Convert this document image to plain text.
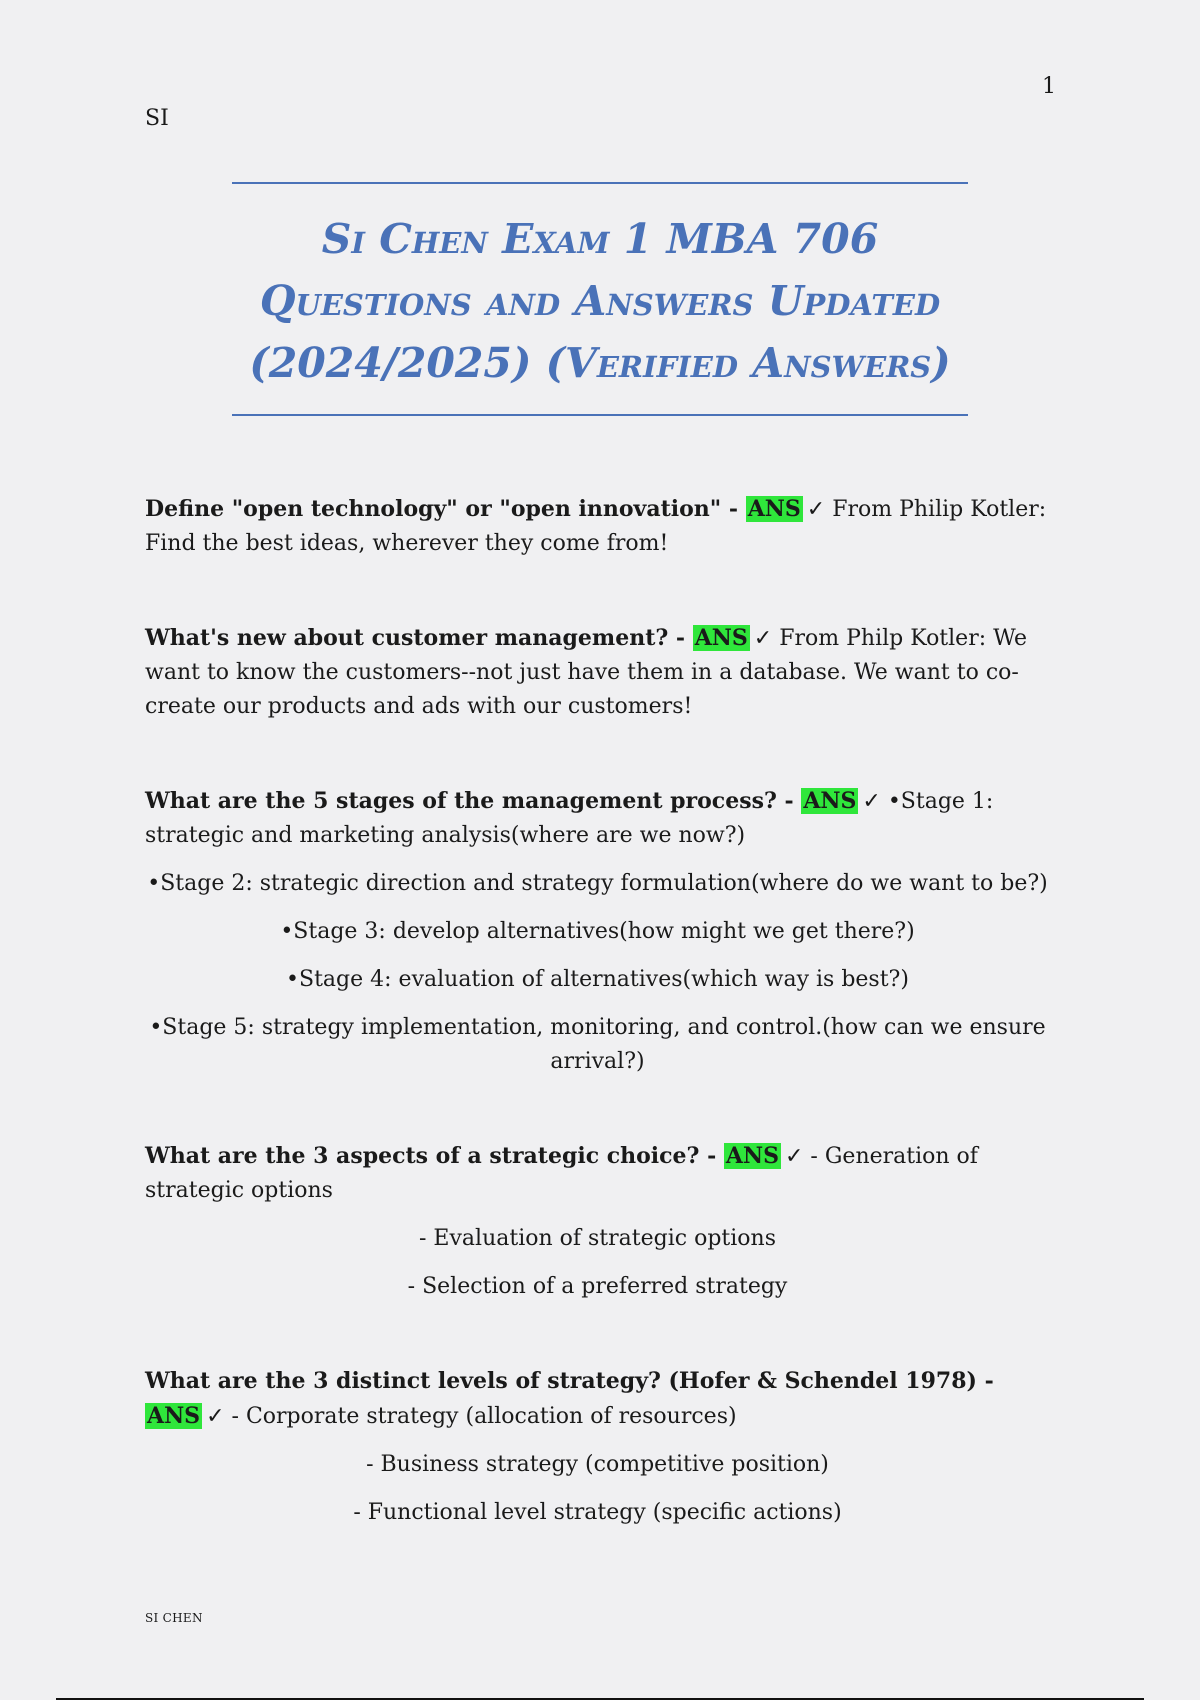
1
SI
Si Chen Exam 1 MBA 706
Questions and Answers Updated
(2024/2025) (Verified Answers)

Define "open technology" or "open innovation" - ANS ✓ From Philip Kotler: Find the best ideas, wherever they come from!

What's new about customer management? - ANS ✓ From Philp Kotler: We want to know the customers--not just have them in a database. We want to co-create our products and ads with our customers!

What are the 5 stages of the management process? - ANS ✓ •Stage 1: strategic and marketing analysis(where are we now?)

•Stage 2: strategic direction and strategy formulation(where do we want to be?)

•Stage 3: develop alternatives(how might we get there?)

•Stage 4: evaluation of alternatives(which way is best?)

•Stage 5: strategy implementation, monitoring, and control.(how can we ensure arrival?)

What are the 3 aspects of a strategic choice? - ANS ✓ - Generation of strategic options

- Evaluation of strategic options

- Selection of a preferred strategy

What are the 3 distinct levels of strategy? (Hofer & Schendel 1978) - ANS ✓ - Corporate strategy (allocation of resources)

- Business strategy (competitive position)

- Functional level strategy (specific actions)

SI CHEN
